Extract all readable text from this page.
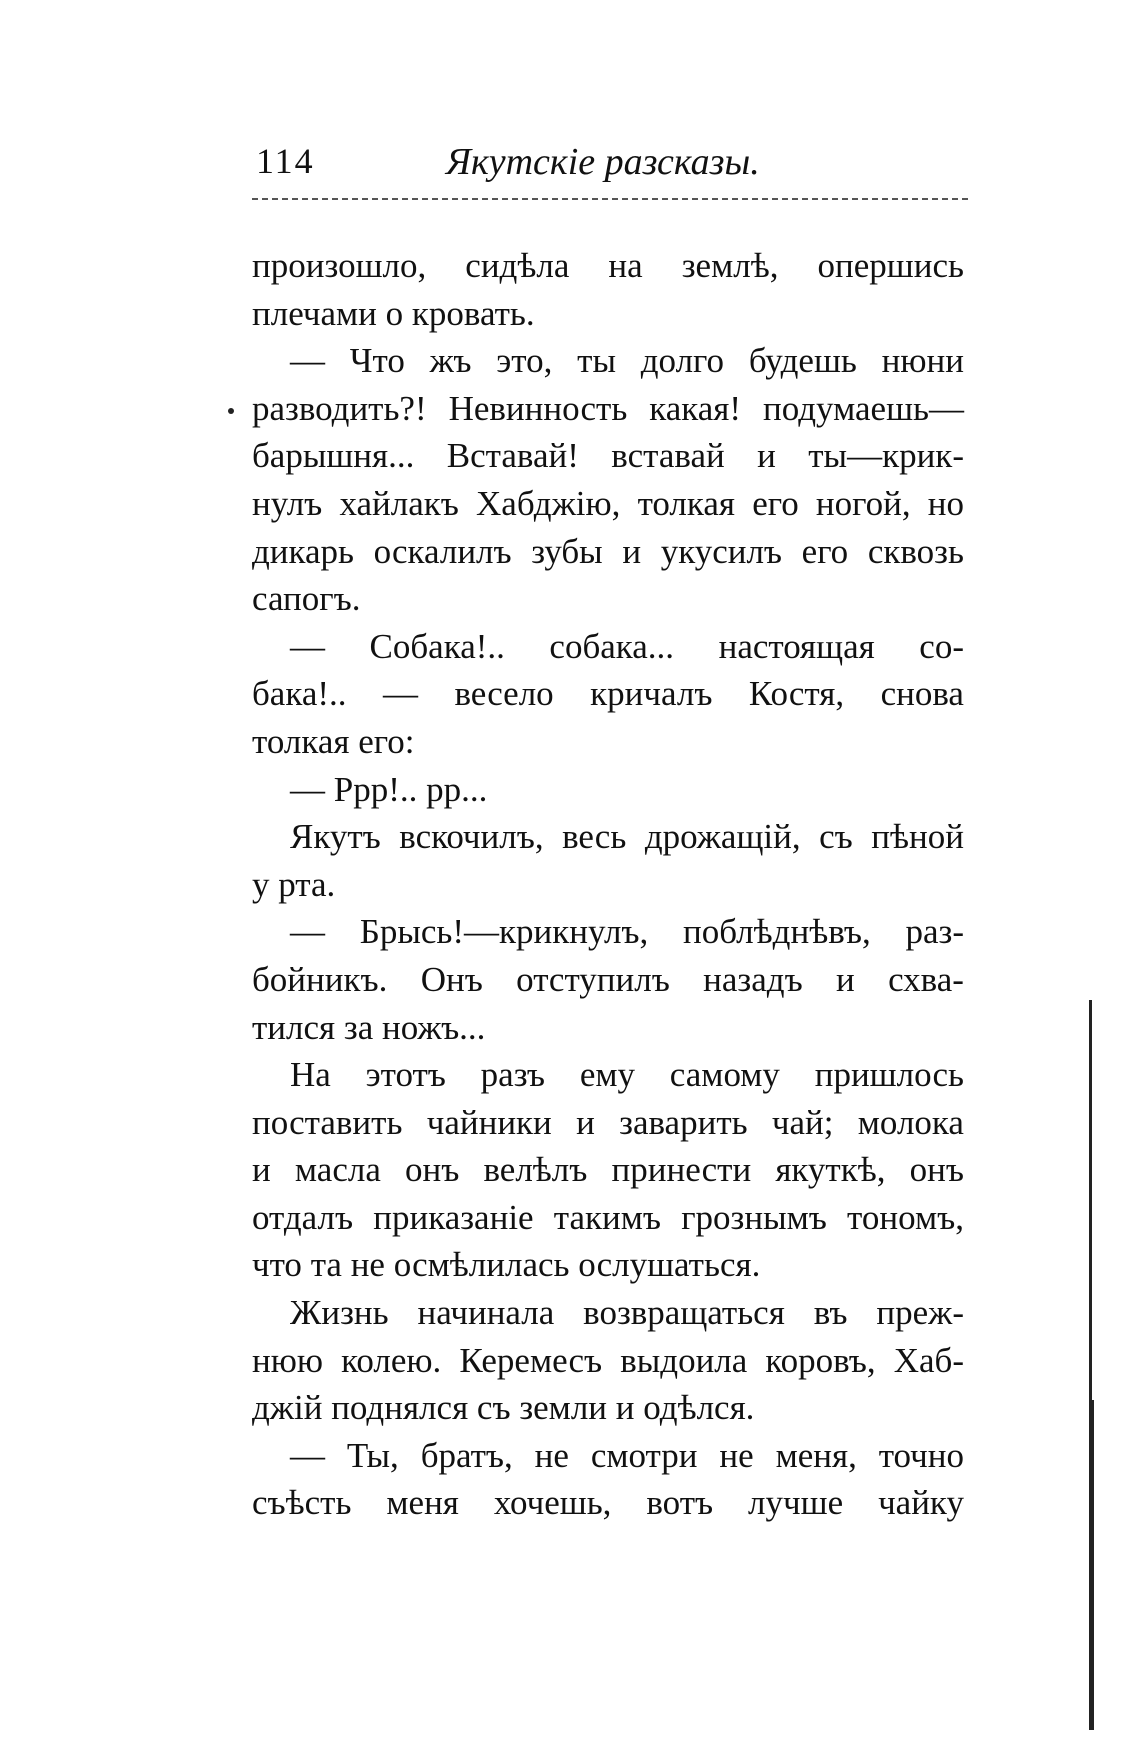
114	Якутскіе разсказы.
произошло, сидѣла на землѣ, опершись
плечами о кровать.
— Что жъ это, ты долго будешь нюни
разводить?! Невинность какая! подумаешь—
барышня... Вставай! вставай и ты—крик-
нулъ хайлакъ Хабджію, толкая его ногой, но
дикарь оскалилъ зубы и укусилъ его сквозь
сапогъ.
— Собака!.. собака... настоящая со-
бака!.. — весело кричалъ Костя, снова
толкая его:
— Ррр!.. рр...
Якутъ вскочилъ, весь дрожащій, съ пѣной
у рта.
— Брысь!—крикнулъ, поблѣднѣвъ, раз-
бойникъ. Онъ отступилъ назадъ и схва-
тился за ножъ...
На этотъ разъ ему самому пришлось
поставить чайники и заварить чай; молока
и масла онъ велѣлъ принести якуткѣ, онъ
отдалъ приказаніе такимъ грознымъ тономъ,
что та не осмѣлилась ослушаться.
Жизнь начинала возвращаться въ преж-
нюю колею. Керемесъ выдоила коровъ, Хаб-
джій поднялся съ земли и одѣлся.
— Ты, братъ, не смотри не меня, точно
съѣсть меня хочешь, вотъ лучше чайку
